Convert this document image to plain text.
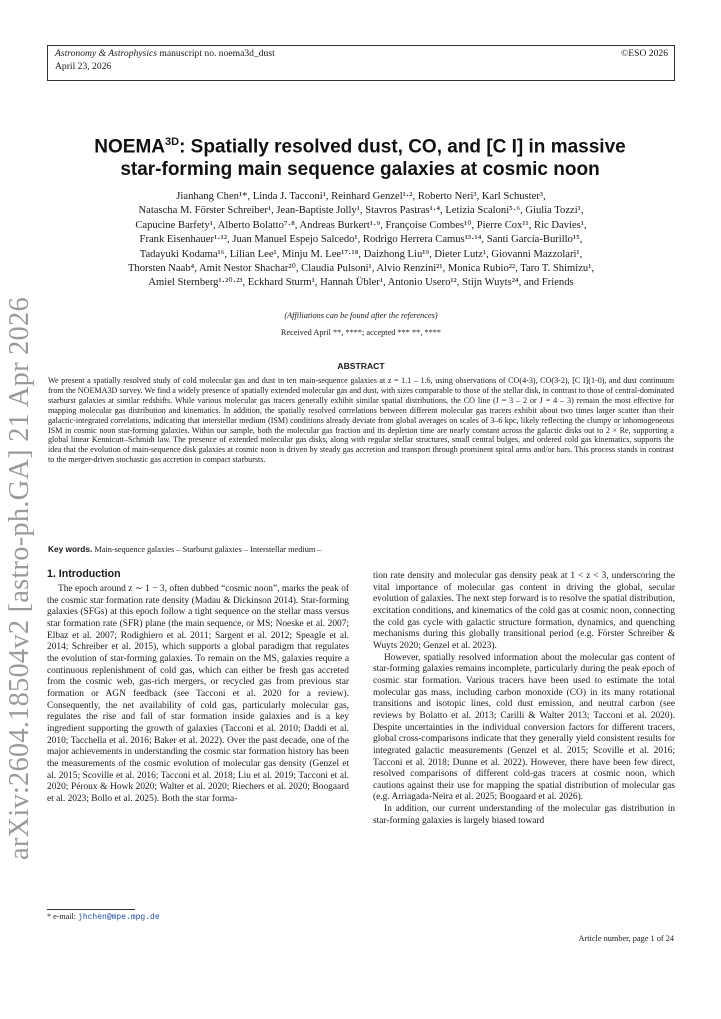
Astronomy & Astrophysics manuscript no. noema3d_dust
April 23, 2026
©ESO 2026
arXiv:2604.18504v2 [astro-ph.GA] 21 Apr 2026
$NOEMA^{3D}$: Spatially resolved dust, CO, and [C I] in massive
star-forming main sequence galaxies at cosmic noon
Jianhang Chen¹*, Linda J. Tacconi¹, Reinhard Genzel¹·², Roberto Neri³, Karl Schuster³,
Natascha M. Förster Schreiber¹, Jean-Baptiste Jolly¹, Stavros Pastras¹·⁴, Letizia Scaloni⁵·⁶, Giulia Tozzi¹,
Capucine Barfety¹, Alberto Bolatto⁷·⁸, Andreas Burkert¹·⁹, Françoise Combes¹⁰, Pierre Cox¹¹, Ric Davies¹,
Frank Eisenhauer¹·¹², Juan Manuel Espejo Salcedo¹, Rodrigo Herrera Camus¹³·¹⁴, Santi García-Burillo¹⁵,
Tadayuki Kodama¹⁶, Lilian Lee¹, Minju M. Lee¹⁷·¹⁸, Daizhong Liu¹⁹, Dieter Lutz¹, Giovanni Mazzolari¹,
Thorsten Naab⁴, Amit Nestor Shachar²⁰, Claudia Pulsoni¹, Alvio Renzini²¹, Monica Rubio²², Taro T. Shimizu¹,
Amiel Sternberg¹·²⁰·²³, Eckhard Sturm¹, Hannah Übler¹, Antonio Usero¹², Stijn Wuyts²⁴, and Friends
(Affiliations can be found after the references)
Received April **, ****; accepted *** **, ****
ABSTRACT
We present a spatially resolved study of cold molecular gas and dust in ten main-sequence galaxies at z = 1.1 – 1.6, using observations of CO(4-3), CO(3-2), [C I](1-0), and dust continuum from the NOEMA3D survey. We find a widely presence of spatially extended molecular gas and dust, with sizes comparable to those of the stellar disk, in contrast to those of central-dominated starburst galaxies at similar redshifts. While various molecular gas tracers generally exhibit similar spatial distributions, the CO line (J = 3 – 2 or J = 4 – 3) remain the most effective for mapping molecular gas distribution and kinematics. In addition, the spatially resolved correlations between different molecular gas tracers exhibit about two times larger scatter than their galactic-integrated correlations, indicating that interstellar medium (ISM) conditions already deviate from global averages on scales of 3–6 kpc, likely reflecting the clumpy or inhomogeneous ISM in cosmic noon star-forming galaxies. Within our sample, both the molecular gas fraction and its depletion time are nearly constant across the galactic disks out to 2 × Re, supporting a global linear Kennicutt–Schmidt law. The presence of extended molecular gas disks, along with regular stellar structures, small central bulges, and ordered cold gas kinematics, supports the idea that the evolution of main-sequence disk galaxies at cosmic noon is driven by steady gas accretion and transport through prominent spiral arms and/or bars. This process stands in contrast to the merger-driven stochastic gas accretion in compact starbursts.
Key words. Main-sequence galaxies – Starburst galaxies – Interstellar medium –
1. Introduction

The epoch around z ∼ 1 − 3, often dubbed “cosmic noon”, marks the peak of the cosmic star formation rate density (Madau & Dickinson 2014). Star-forming galaxies (SFGs) at this epoch follow a tight sequence on the stellar mass versus star formation rate (SFR) plane (the main sequence, or MS; Noeske et al. 2007; Elbaz et al. 2007; Rodighiero et al. 2011; Sargent et al. 2012; Speagle et al. 2014; Schreiber et al. 2015), which supports a global paradigm that regulates the evolution of star-forming galaxies. To remain on the MS, galaxies require a continuous replenishment of cold gas, which can either be fresh gas accreted from the cosmic web, gas-rich mergers, or recycled gas from previous star formation or AGN feedback (see Tacconi et al. 2020 for a review). Consequently, the net availability of cold gas, particularly molecular gas, regulates the rise and fall of star formation inside galaxies and is a key ingredient supporting the growth of galaxies (Tacconi et al. 2010; Daddi et al. 2010; Tacchella et al. 2016; Baker et al. 2022). Over the past decade, one of the major achievements in understanding the cosmic star formation history has been the measurements of the cosmic evolution of molecular gas density (Genzel et al. 2015; Scoville et al. 2016; Tacconi et al. 2018; Liu et al. 2019; Tacconi et al. 2020; Péroux & Howk 2020; Walter et al. 2020; Riechers et al. 2020; Boogaard et al. 2023; Bollo et al. 2025). Both the star forma-

tion rate density and molecular gas density peak at 1 < z < 3, underscoring the vital importance of molecular gas content in driving the global, secular evolution of galaxies. The next step forward is to resolve the spatial distribution, excitation conditions, and kinematics of the cold gas at cosmic noon, connecting the cold gas cycle with galactic structure formation, dynamics, and quenching mechanisms during this globally transitional period (e.g. Förster Schreiber & Wuyts 2020; Genzel et al. 2023).

However, spatially resolved information about the molecular gas content of star-forming galaxies remains incomplete, particularly during the peak epoch of cosmic star formation. Various tracers have been used to estimate the total molecular gas mass, including carbon monoxide (CO) in its many rotational transitions and isotopic lines, cold dust emission, and neutral carbon (see reviews by Bolatto et al. 2013; Carilli & Walter 2013; Tacconi et al. 2020). Despite uncertainties in the individual conversion factors for different tracers, global cross-comparisons indicate that they generally yield consistent results for integrated galactic measurements (Genzel et al. 2015; Scoville et al. 2016; Tacconi et al. 2018; Dunne et al. 2022). However, there have been few direct, resolved comparisons of different cold-gas tracers at cosmic noon, which cautions against their use for mapping the spatial distribution of molecular gas (e.g. Arriagada-Neira et al. 2025; Boogaard et al. 2026).

In addition, our current understanding of the molecular gas distribution in star-forming galaxies is largely biased toward

* e-mail: jhchen@mpe.mpg.de
Article number, page 1 of 24
